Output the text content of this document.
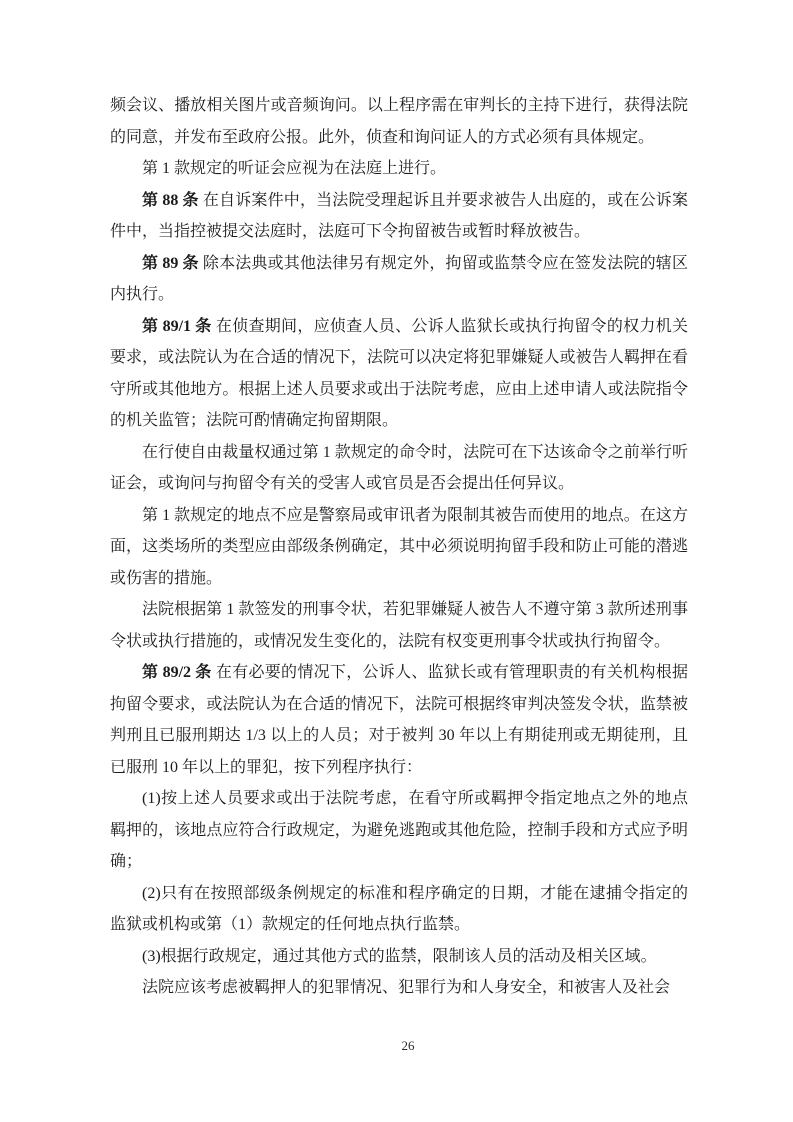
频会议、播放相关图片或音频询问。以上程序需在审判长的主持下进行，获得法院的同意，并发布至政府公报。此外，侦查和询问证人的方式必须有具体规定。

第 1 款规定的听证会应视为在法庭上进行。

第 88 条 在自诉案件中，当法院受理起诉且并要求被告人出庭的，或在公诉案件中，当指控被提交法庭时，法庭可下令拘留被告或暂时释放被告。

第 89 条 除本法典或其他法律另有规定外，拘留或监禁令应在签发法院的辖区内执行。

第 89/1 条 在侦查期间，应侦查人员、公诉人监狱长或执行拘留令的权力机关要求，或法院认为在合适的情况下，法院可以决定将犯罪嫌疑人或被告人羁押在看守所或其他地方。根据上述人员要求或出于法院考虑，应由上述申请人或法院指令的机关监管；法院可酌情确定拘留期限。

在行使自由裁量权通过第 1 款规定的命令时，法院可在下达该命令之前举行听证会，或询问与拘留令有关的受害人或官员是否会提出任何异议。

第 1 款规定的地点不应是警察局或审讯者为限制其被告而使用的地点。在这方面，这类场所的类型应由部级条例确定，其中必须说明拘留手段和防止可能的潜逃或伤害的措施。

法院根据第 1 款签发的刑事令状，若犯罪嫌疑人被告人不遵守第 3 款所述刑事令状或执行措施的，或情况发生变化的，法院有权变更刑事令状或执行拘留令。

第 89/2 条 在有必要的情况下，公诉人、监狱长或有管理职责的有关机构根据拘留令要求，或法院认为在合适的情况下，法院可根据终审判决签发令状，监禁被判刑且已服刑期达 1/3 以上的人员；对于被判 30 年以上有期徒刑或无期徒刑，且已服刑 10 年以上的罪犯，按下列程序执行：

(1)按上述人员要求或出于法院考虑，在看守所或羁押令指定地点之外的地点羁押的，该地点应符合行政规定，为避免逃跑或其他危险，控制手段和方式应予明确；

(2)只有在按照部级条例规定的标准和程序确定的日期，才能在逮捕令指定的监狱或机构或第（1）款规定的任何地点执行监禁。

(3)根据行政规定，通过其他方式的监禁，限制该人员的活动及相关区域。

法院应该考虑被羁押人的犯罪情况、犯罪行为和人身安全，和被害人及社会

26
